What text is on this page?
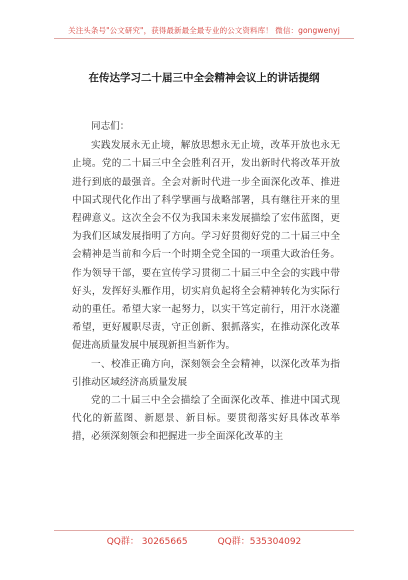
关注头条号"公文研究"，获得最新最全最专业的公文资料库！ 微信：gongwenyj
在传达学习二十届三中全会精神会议上的讲话提纲

同志们：

实践发展永无止境，解放思想永无止境，改革开放也永无止境。党的二十届三中全会胜利召开，发出新时代将改革开放进行到底的最强音。全会对新时代进一步全面深化改革、推进中国式现代化作出了科学擘画与战略部署，具有继往开来的里程碑意义。这次全会不仅为我国未来发展描绘了宏伟蓝图，更为我们区域发展指明了方向。学习好贯彻好党的二十届三中全会精神是当前和今后一个时期全党全国的一项重大政治任务。作为领导干部，要在宣传学习贯彻二十届三中全会的实践中带好头，发挥好头雁作用，切实肩负起将全会精神转化为实际行动的重任。希望大家一起努力，以实干笃定前行，用汗水浇灌希望，更好履职尽责，守正创新、狠抓落实，在推动深化改革促进高质量发展中展现新担当新作为。

一、校准正确方向，深刻领会全会精神，以深化改革为指引推动区域经济高质量发展

党的二十届三中全会描绘了全面深化改革、推进中国式现代化的新蓝图、新愿景、新目标。要贯彻落实好具体改革举措，必须深刻领会和把握进一步全面深化改革的主

QQ群： 30265665	QQ群：535304092
